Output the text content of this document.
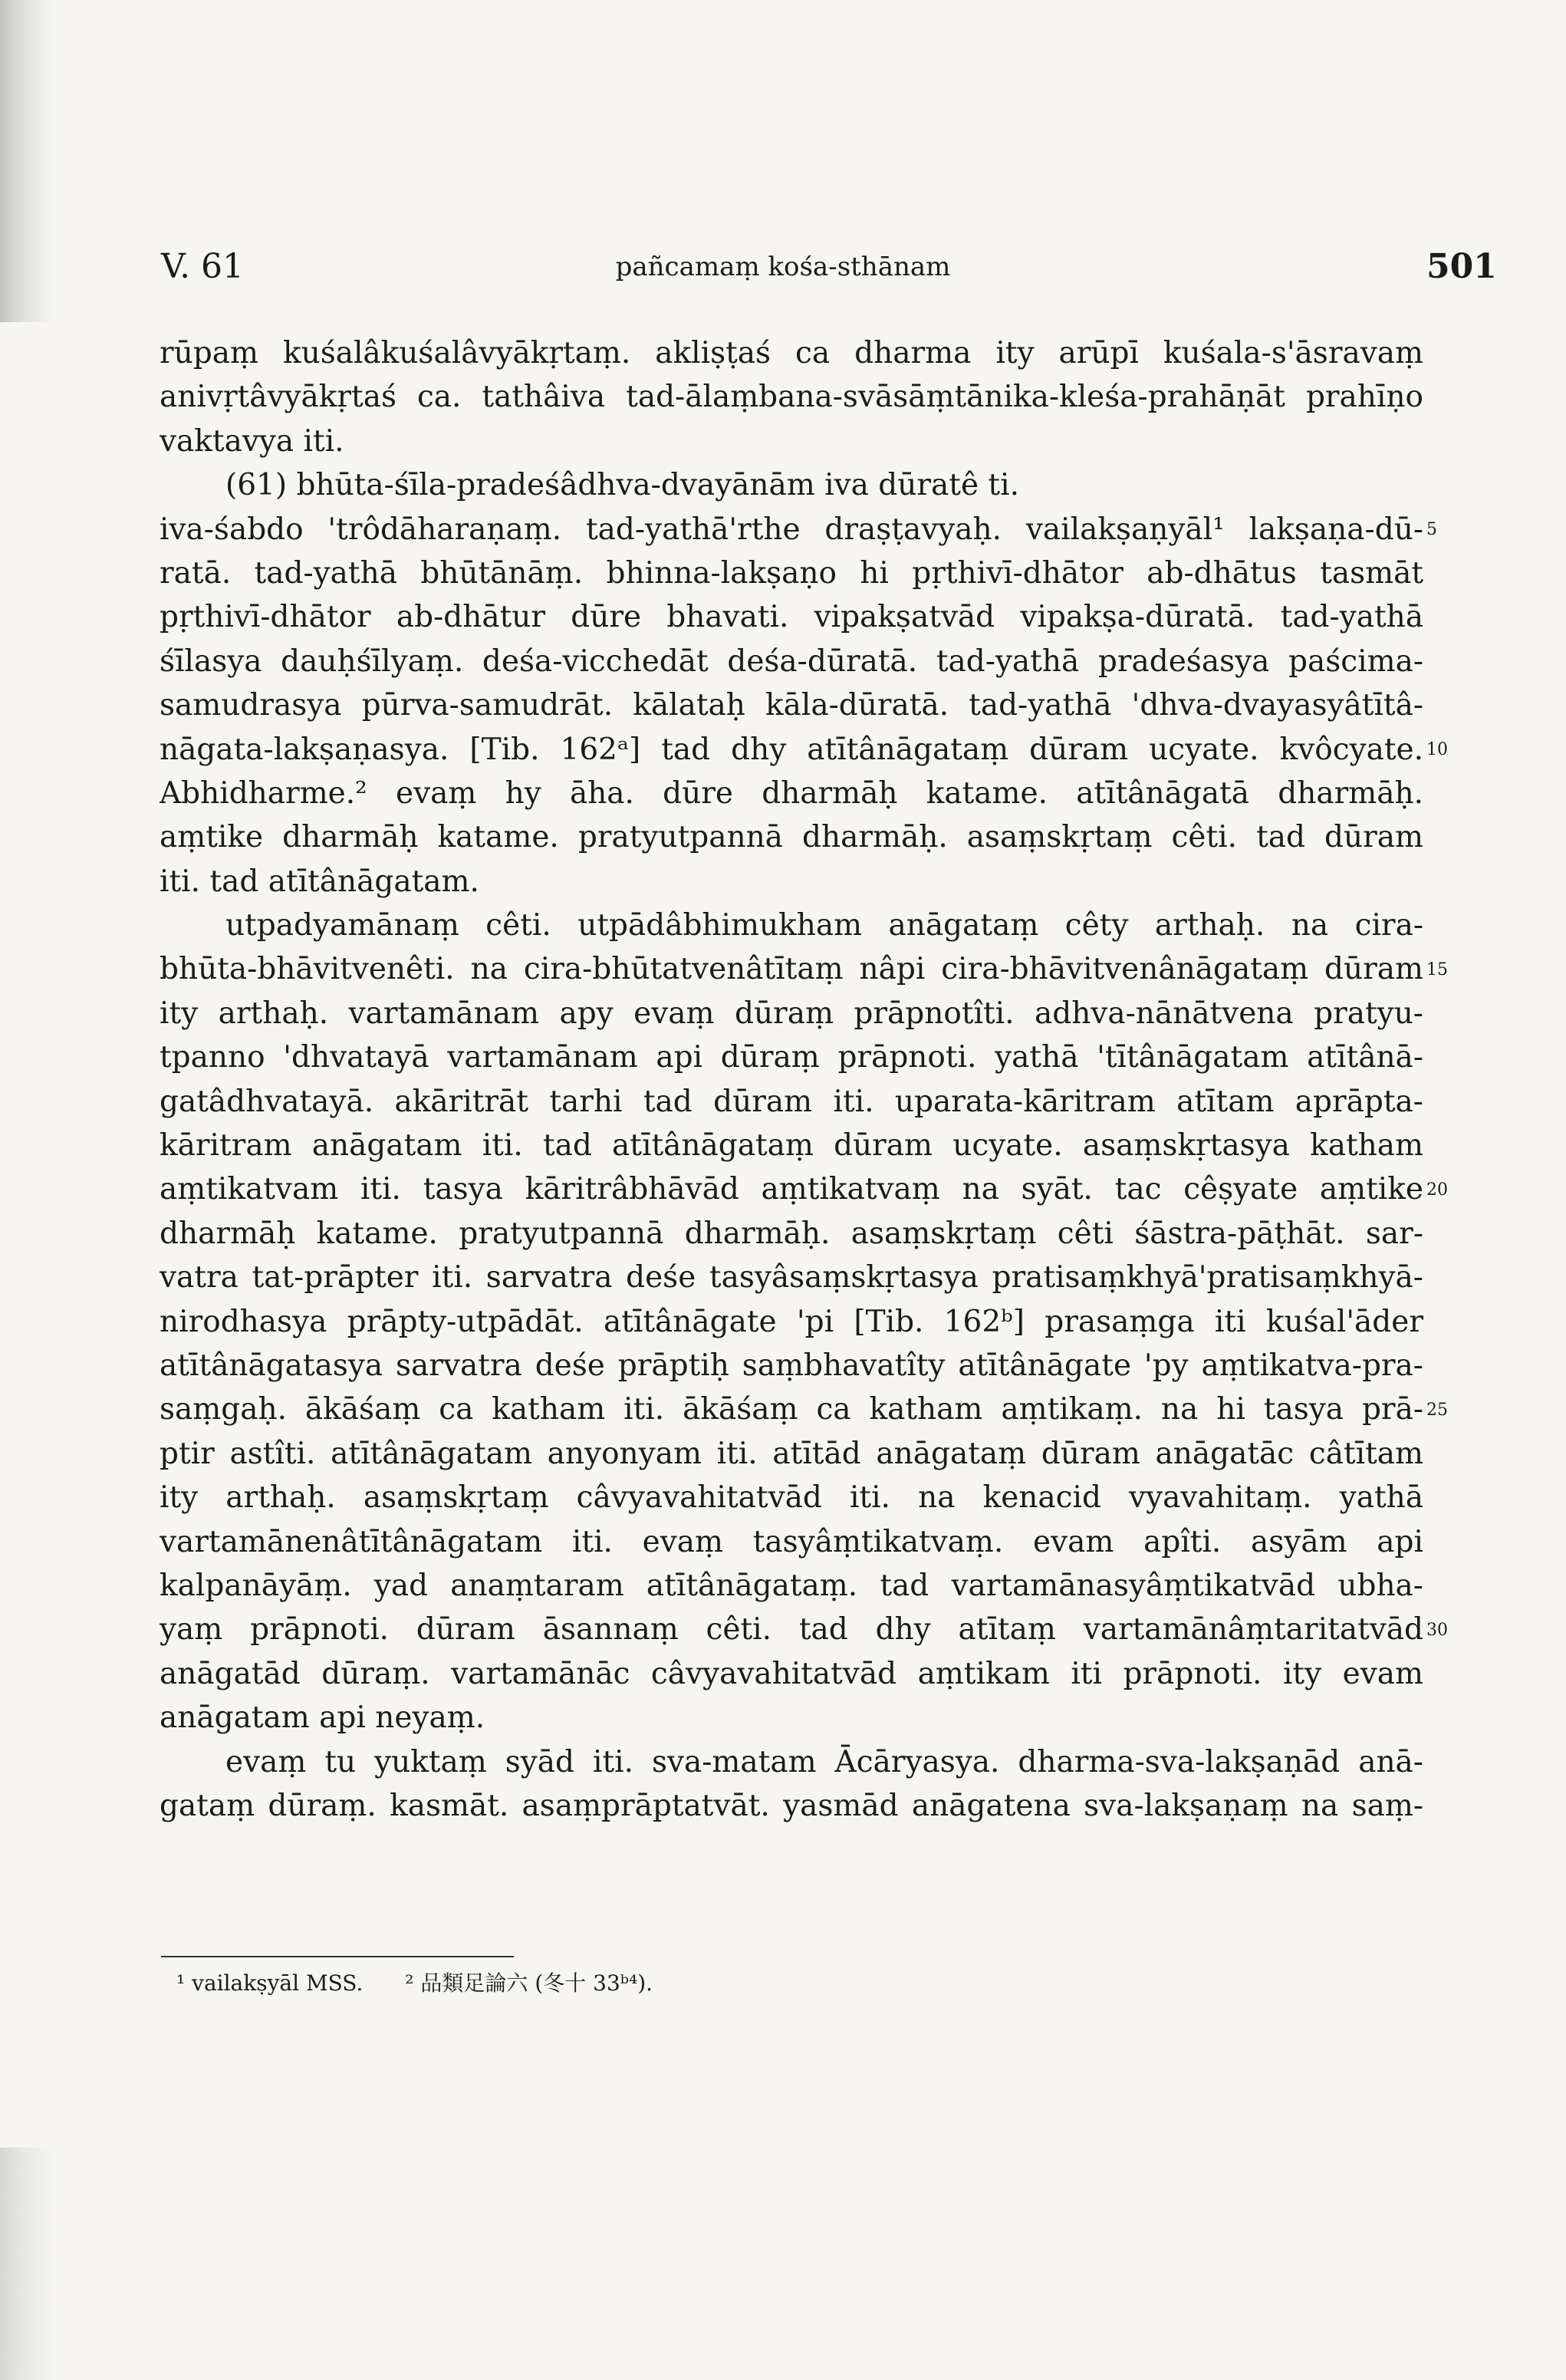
V. 61	pañcamaṃ kośa-sthānam	501
rūpaṃ kuśalâkuśalâvyākṛtaṃ. akliṣṭaś ca dharma ity arūpī kuśala-s'āsravaṃ
anivṛtâvyākṛtaś ca. tathâiva tad-ālaṃbana-svāsāṃtānika-kleśa-prahāṇāt prahīṇo
vaktavya iti.
(61) bhūta-śīla-pradeśâdhva-dvayānām iva dūratê ti.
iva-śabdo 'trôdāharaṇaṃ. tad-yathā'rthe draṣṭavyaḥ. vailakṣaṇyāl¹ lakṣaṇa-dū-
ratā. tad-yathā bhūtānāṃ. bhinna-lakṣaṇo hi pṛthivī-dhātor ab-dhātus tasmāt
pṛthivī-dhātor ab-dhātur dūre bhavati. vipakṣatvād vipakṣa-dūratā. tad-yathā
śīlasya dauḥśīlyaṃ. deśa-vicchedāt deśa-dūratā. tad-yathā pradeśasya paścima-
samudrasya pūrva-samudrāt. kālataḥ kāla-dūratā. tad-yathā 'dhva-dvayasyâtītâ-
nāgata-lakṣaṇasya. [Tib. 162ᵃ] tad dhy atītânāgataṃ dūram ucyate. kvôcyate.
Abhidharme.² evaṃ hy āha. dūre dharmāḥ katame. atītânāgatā dharmāḥ.
aṃtike dharmāḥ katame. pratyutpannā dharmāḥ. asaṃskṛtaṃ cêti. tad dūram
iti. tad atītânāgatam.
utpadyamānaṃ cêti. utpādâbhimukham anāgataṃ cêty arthaḥ. na cira-
bhūta-bhāvitvenêti. na cira-bhūtatvenâtītaṃ nâpi cira-bhāvitvenânāgataṃ dūram
ity arthaḥ. vartamānam apy evaṃ dūraṃ prāpnotîti. adhva-nānātvena pratyu-
tpanno 'dhvatayā vartamānam api dūraṃ prāpnoti. yathā 'tītânāgatam atītânā-
gatâdhvatayā. akāritrāt tarhi tad dūram iti. uparata-kāritram atītam aprāpta-
kāritram anāgatam iti. tad atītânāgataṃ dūram ucyate. asaṃskṛtasya katham
aṃtikatvam iti. tasya kāritrâbhāvād aṃtikatvaṃ na syāt. tac cêṣyate aṃtike
dharmāḥ katame. pratyutpannā dharmāḥ. asaṃskṛtaṃ cêti śāstra-pāṭhāt. sar-
vatra tat-prāpter iti. sarvatra deśe tasyâsaṃskṛtasya pratisaṃkhyā'pratisaṃkhyā-
nirodhasya prāpty-utpādāt. atītânāgate 'pi [Tib. 162ᵇ] prasaṃga iti kuśal'āder
atītânāgatasya sarvatra deśe prāptiḥ saṃbhavatîty atītânāgate 'py aṃtikatva-pra-
saṃgaḥ. ākāśaṃ ca katham iti. ākāśaṃ ca katham aṃtikaṃ. na hi tasya prā-
ptir astîti. atītânāgatam anyonyam iti. atītād anāgataṃ dūram anāgatāc câtītam
ity arthaḥ. asaṃskṛtaṃ câvyavahitatvād iti. na kenacid vyavahitaṃ. yathā
vartamānenâtītânāgatam iti. evaṃ tasyâṃtikatvaṃ. evam apîti. asyām api
kalpanāyāṃ. yad anaṃtaram atītânāgataṃ. tad vartamānasyâṃtikatvād ubha-
yaṃ prāpnoti. dūram āsannaṃ cêti. tad dhy atītaṃ vartamānâṃtaritatvād
anāgatād dūraṃ. vartamānāc câvyavahitatvād aṃtikam iti prāpnoti. ity evam
anāgatam api neyaṃ.
evaṃ tu yuktaṃ syād iti. sva-matam Ācāryasya. dharma-sva-lakṣaṇād anā-
gataṃ dūraṃ. kasmāt. asaṃprāptatvāt. yasmād anāgatena sva-lakṣaṇaṃ na saṃ-
5
10
15
20
25
30
¹ vailakṣyāl MSS. ² 品類足論六 (冬十 33ᵇ⁴).
